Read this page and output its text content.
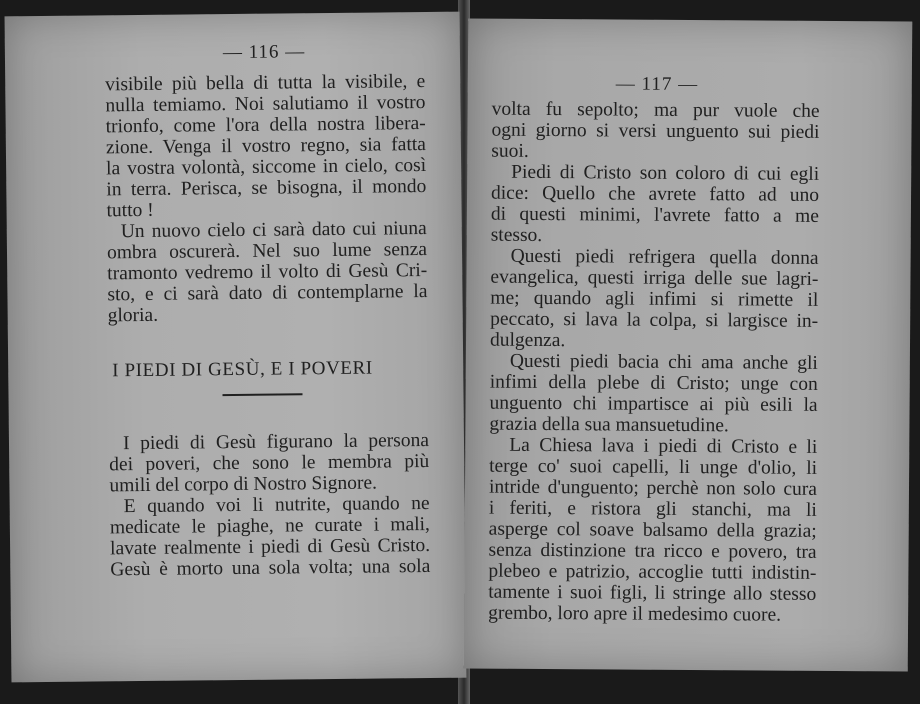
— 116 —
visibile più bella di tutta la visibile, e
nulla temiamo. Noi salutiamo il vostro
trionfo, come l'ora della nostra libera-
zione. Venga il vostro regno, sia fatta
la vostra volontà, siccome in cielo, così
in terra. Perisca, se bisogna, il mondo
tutto !
Un nuovo cielo ci sarà dato cui niuna
ombra oscurerà. Nel suo lume senza
tramonto vedremo il volto di Gesù Cri-
sto, e ci sarà dato di contemplarne la
gloria.
I PIEDI DI GESÙ, E I POVERI
I piedi di Gesù figurano la persona
dei poveri, che sono le membra più
umili del corpo di Nostro Signore.
E quando voi li nutrite, quando ne
medicate le piaghe, ne curate i mali,
lavate realmente i piedi di Gesù Cristo.
Gesù è morto una sola volta; una sola
— 117 —
volta fu sepolto; ma pur vuole che
ogni giorno si versi unguento sui piedi
suoi.
Piedi di Cristo son coloro di cui egli
dice: Quello che avrete fatto ad uno
di questi minimi, l'avrete fatto a me
stesso.
Questi piedi refrigera quella donna
evangelica, questi irriga delle sue lagri-
me; quando agli infimi si rimette il
peccato, si lava la colpa, si largisce in-
dulgenza.
Questi piedi bacia chi ama anche gli
infimi della plebe di Cristo; unge con
unguento chi impartisce ai più esili la
grazia della sua mansuetudine.
La Chiesa lava i piedi di Cristo e li
terge co' suoi capelli, li unge d'olio, li
intride d'unguento; perchè non solo cura
i feriti, e ristora gli stanchi, ma li
asperge col soave balsamo della grazia;
senza distinzione tra ricco e povero, tra
plebeo e patrizio, accoglie tutti indistin-
tamente i suoi figli, li stringe allo stesso
grembo, loro apre il medesimo cuore.
